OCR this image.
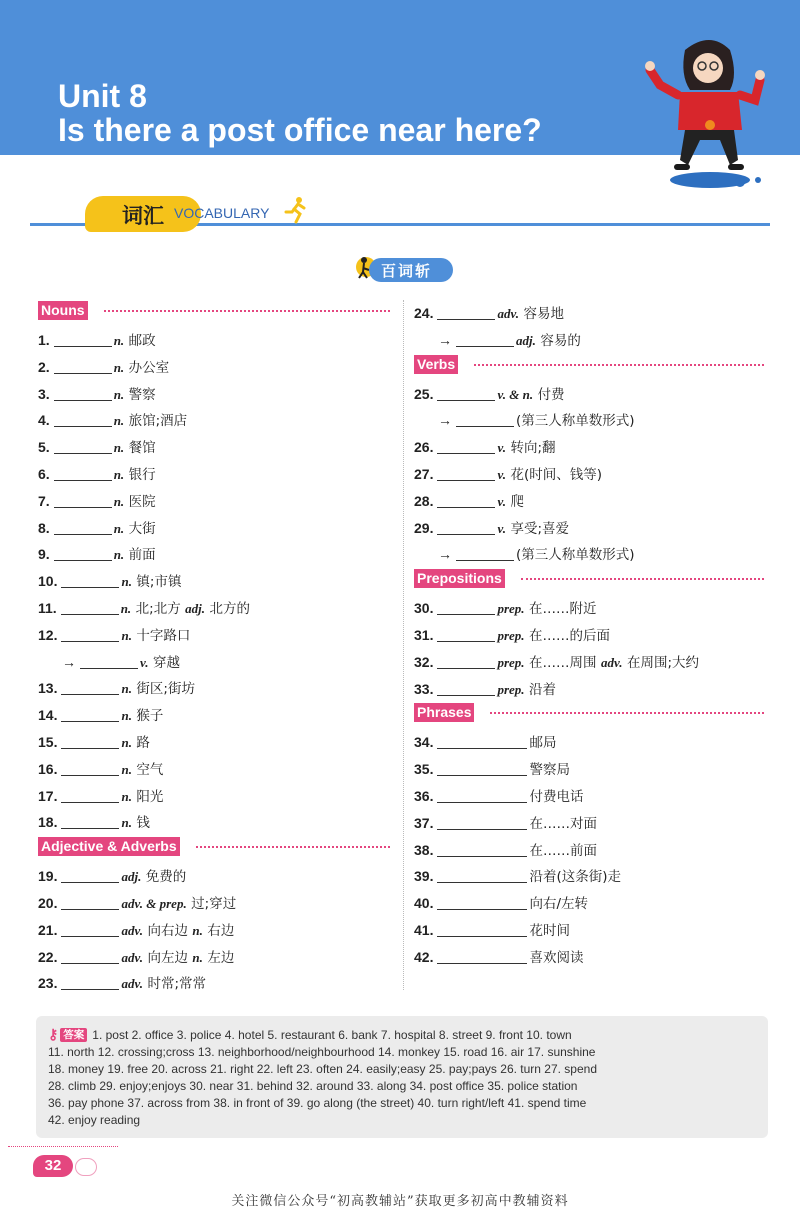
Unit 8
Is there a post office near here?
词汇 VOCABULARY
百词斩
Nouns
1.	n. 邮政
2.	n. 办公室
3.	n. 警察
4.	n. 旅馆;酒店
5.	n. 餐馆
6.	n. 银行
7.	n. 医院
8.	n. 大街
9.	n. 前面
10.	n. 镇;市镇
11.	n. 北;北方 adj. 北方的
12.	n. 十字路口
→	v. 穿越
13.	n. 街区;街坊
14.	n. 猴子
15.	n. 路
16.	n. 空气
17.	n. 阳光
18.	n. 钱
Adjective & Adverbs
19.	adj. 免费的
20.	adv. & prep. 过;穿过
21.	adv. 向右边 n. 右边
22.	adv. 向左边 n. 左边
23.	adv. 时常;常常
24.	adv. 容易地
→	adj. 容易的
Verbs
25.	v. & n. 付费
→	(第三人称单数形式)
26.	v. 转向;翻
27.	v. 花(时间、钱等)
28.	v. 爬
29.	v. 享受;喜爱
→	(第三人称单数形式)
Prepositions
30.	prep. 在……附近
31.	prep. 在……的后面
32.	prep. 在……周围 adv. 在周围;大约
33.	prep. 沿着
Phrases
34.	邮局
35.	警察局
36.	付费电话
37.	在……对面
38.	在……前面
39.	沿着(这条街)走
40.	向右/左转
41.	花时间
42.	喜欢阅读
⚷ 答案 1. post 2. office 3. police 4. hotel 5. restaurant 6. bank 7. hospital 8. street 9. front 10. town
11. north 12. crossing;cross 13. neighborhood/neighbourhood 14. monkey 15. road 16. air 17. sunshine
18. money 19. free 20. across 21. right 22. left 23. often 24. easily;easy 25. pay;pays 26. turn 27. spend
28. climb 29. enjoy;enjoys 30. near 31. behind 32. around 33. along 34. post office 35. police station
36. pay phone 37. across from 38. in front of 39. go along (the street) 40. turn right/left 41. spend time
42. enjoy reading
32
关注微信公众号“初高教辅站”获取更多初高中教辅资料
